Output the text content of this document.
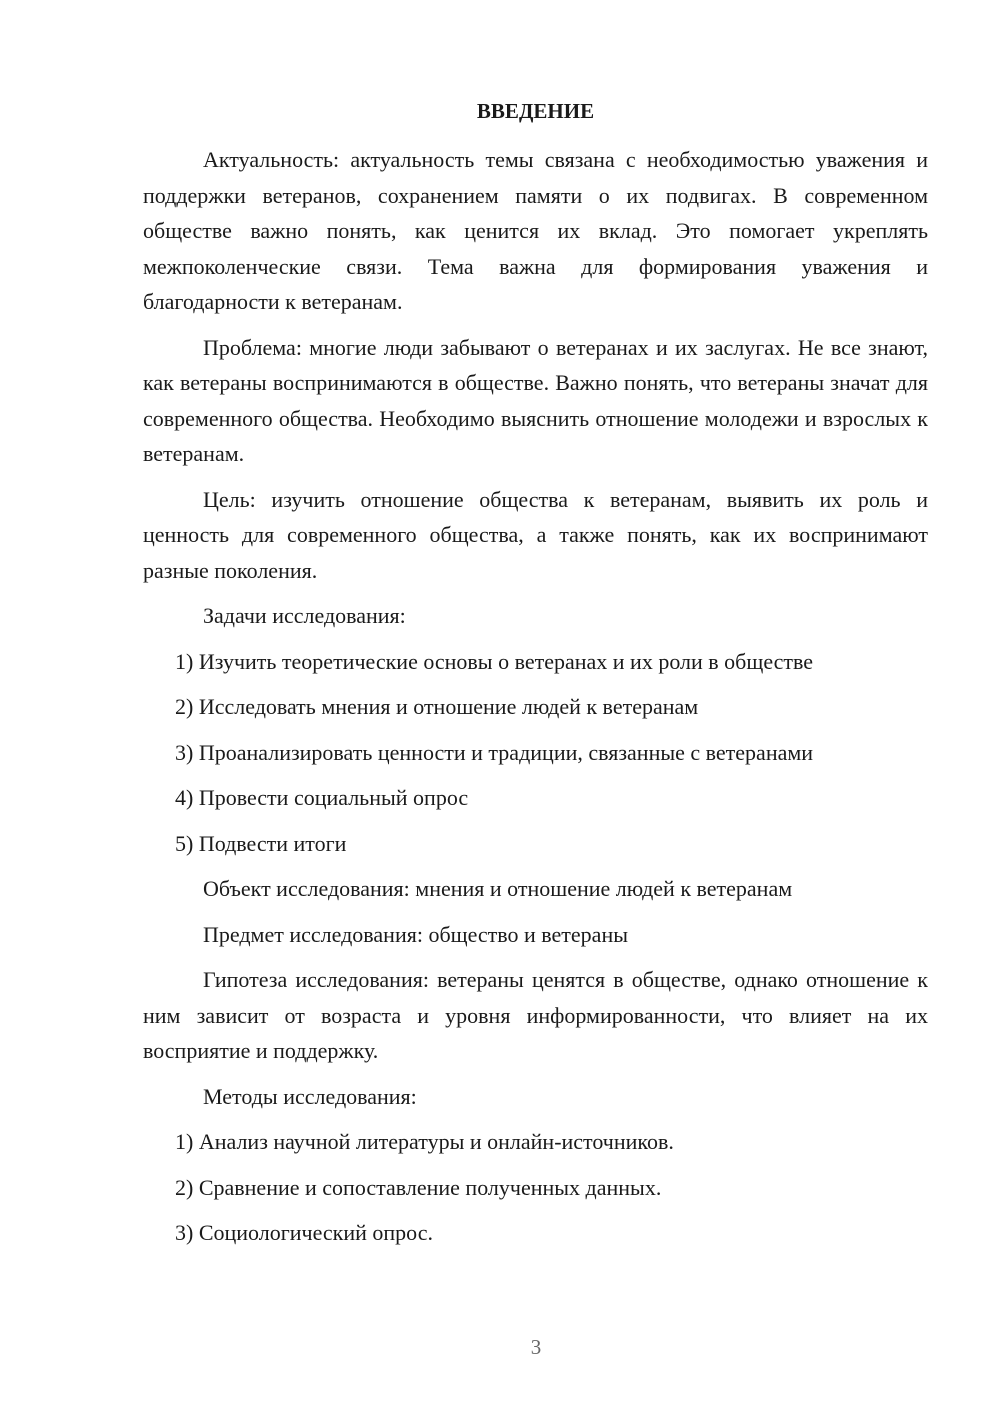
ВВЕДЕНИЕ

Актуальность: актуальность темы связана с необходимостью уважения и поддержки ветеранов, сохранением памяти о их подвигах. В современном обществе важно понять, как ценится их вклад. Это помогает укреплять межпоколенческие связи. Тема важна для формирования уважения и благодарности к ветеранам.

Проблема: многие люди забывают о ветеранах и их заслугах. Не все знают, как ветераны воспринимаются в обществе. Важно понять, что ветераны значат для современного общества. Необходимо выяснить отношение молодежи и взрослых к ветеранам.

Цель: изучить отношение общества к ветеранам, выявить их роль и ценность для современного общества, а также понять, как их воспринимают разные поколения.

Задачи исследования:

1) Изучить теоретические основы о ветеранах и их роли в обществе

2) Исследовать мнения и отношение людей к ветеранам

3) Проанализировать ценности и традиции, связанные с ветеранами

4) Провести социальный опрос

5) Подвести итоги

Объект исследования: мнения и отношение людей к ветеранам

Предмет исследования: общество и ветераны

Гипотеза исследования: ветераны ценятся в обществе, однако отношение к ним зависит от возраста и уровня информированности, что влияет на их восприятие и поддержку.

Методы исследования:

1) Анализ научной литературы и онлайн-источников.

2) Сравнение и сопоставление полученных данных.

3) Социологический опрос.

3
